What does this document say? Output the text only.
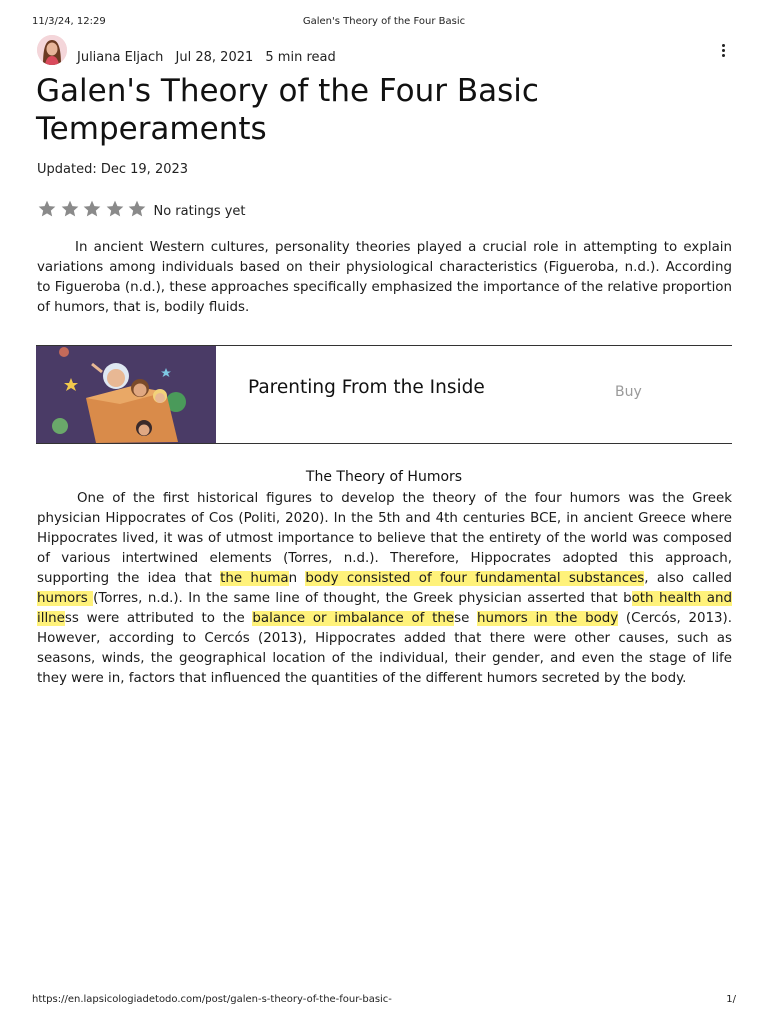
11/3/24, 12:29	Galen's Theory of the Four Basic
Juliana Eljach Jul 28, 2021 5 min read
Galen's Theory of the Four Basic Temperaments
Updated: Dec 19, 2023
No ratings yet

In ancient Western cultures, personality theories played a crucial role in attempting to explain variations among individuals based on their physiological characteristics (Figueroba, n.d.). According to Figueroba (n.d.), these approaches specifically emphasized the importance of the relative proportion of humors, that is, bodily fluids.

Parenting From the Inside	Buy
The Theory of Humors

One of the first historical figures to develop the theory of the four humors was the Greek physician Hippocrates of Cos (Politi, 2020). In the 5th and 4th centuries BCE, in ancient Greece where Hippocrates lived, it was of utmost importance to believe that the entirety of the world was composed of various intertwined elements (Torres, n.d.). Therefore, Hippocrates adopted this approach, supporting the idea that the human body consisted of four fundamental substances, also called humors (Torres, n.d.). In the same line of thought, the Greek physician asserted that both health and illness were attributed to the balance or imbalance of these humors in the body (Cercós, 2013). However, according to Cercós (2013), Hippocrates added that there were other causes, such as seasons, winds, the geographical location of the individual, their gender, and even the stage of life they were in, factors that influenced the quantities of the different humors secreted by the body.

https://en.lapsicologiadetodo.com/post/galen-s-theory-of-the-four-basic-	1/
